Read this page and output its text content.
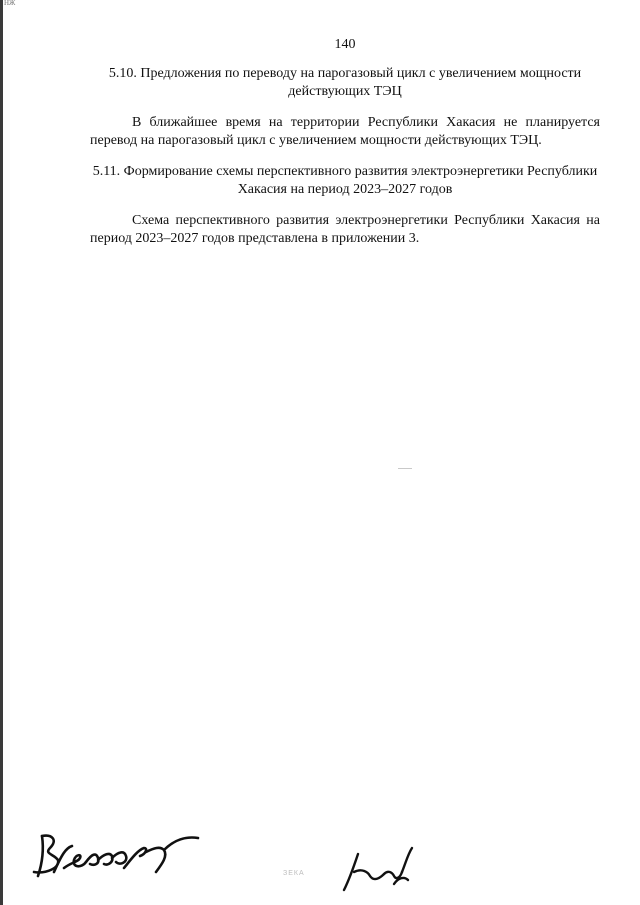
НЖ
140
5.10. Предложения по переводу на парогазовый цикл с увеличением мощности действующих ТЭЦ
В ближайшее время на территории Республики Хакасия не планируется перевод на парогазовый цикл с увеличением мощности действующих ТЭЦ.
5.11. Формирование схемы перспективного развития электроэнергетики Республики Хакасия на период 2023–2027 годов
Схема перспективного развития электроэнергетики Республики Хакасия на период 2023–2027 годов представлена в приложении 3.
ЗЕКА
